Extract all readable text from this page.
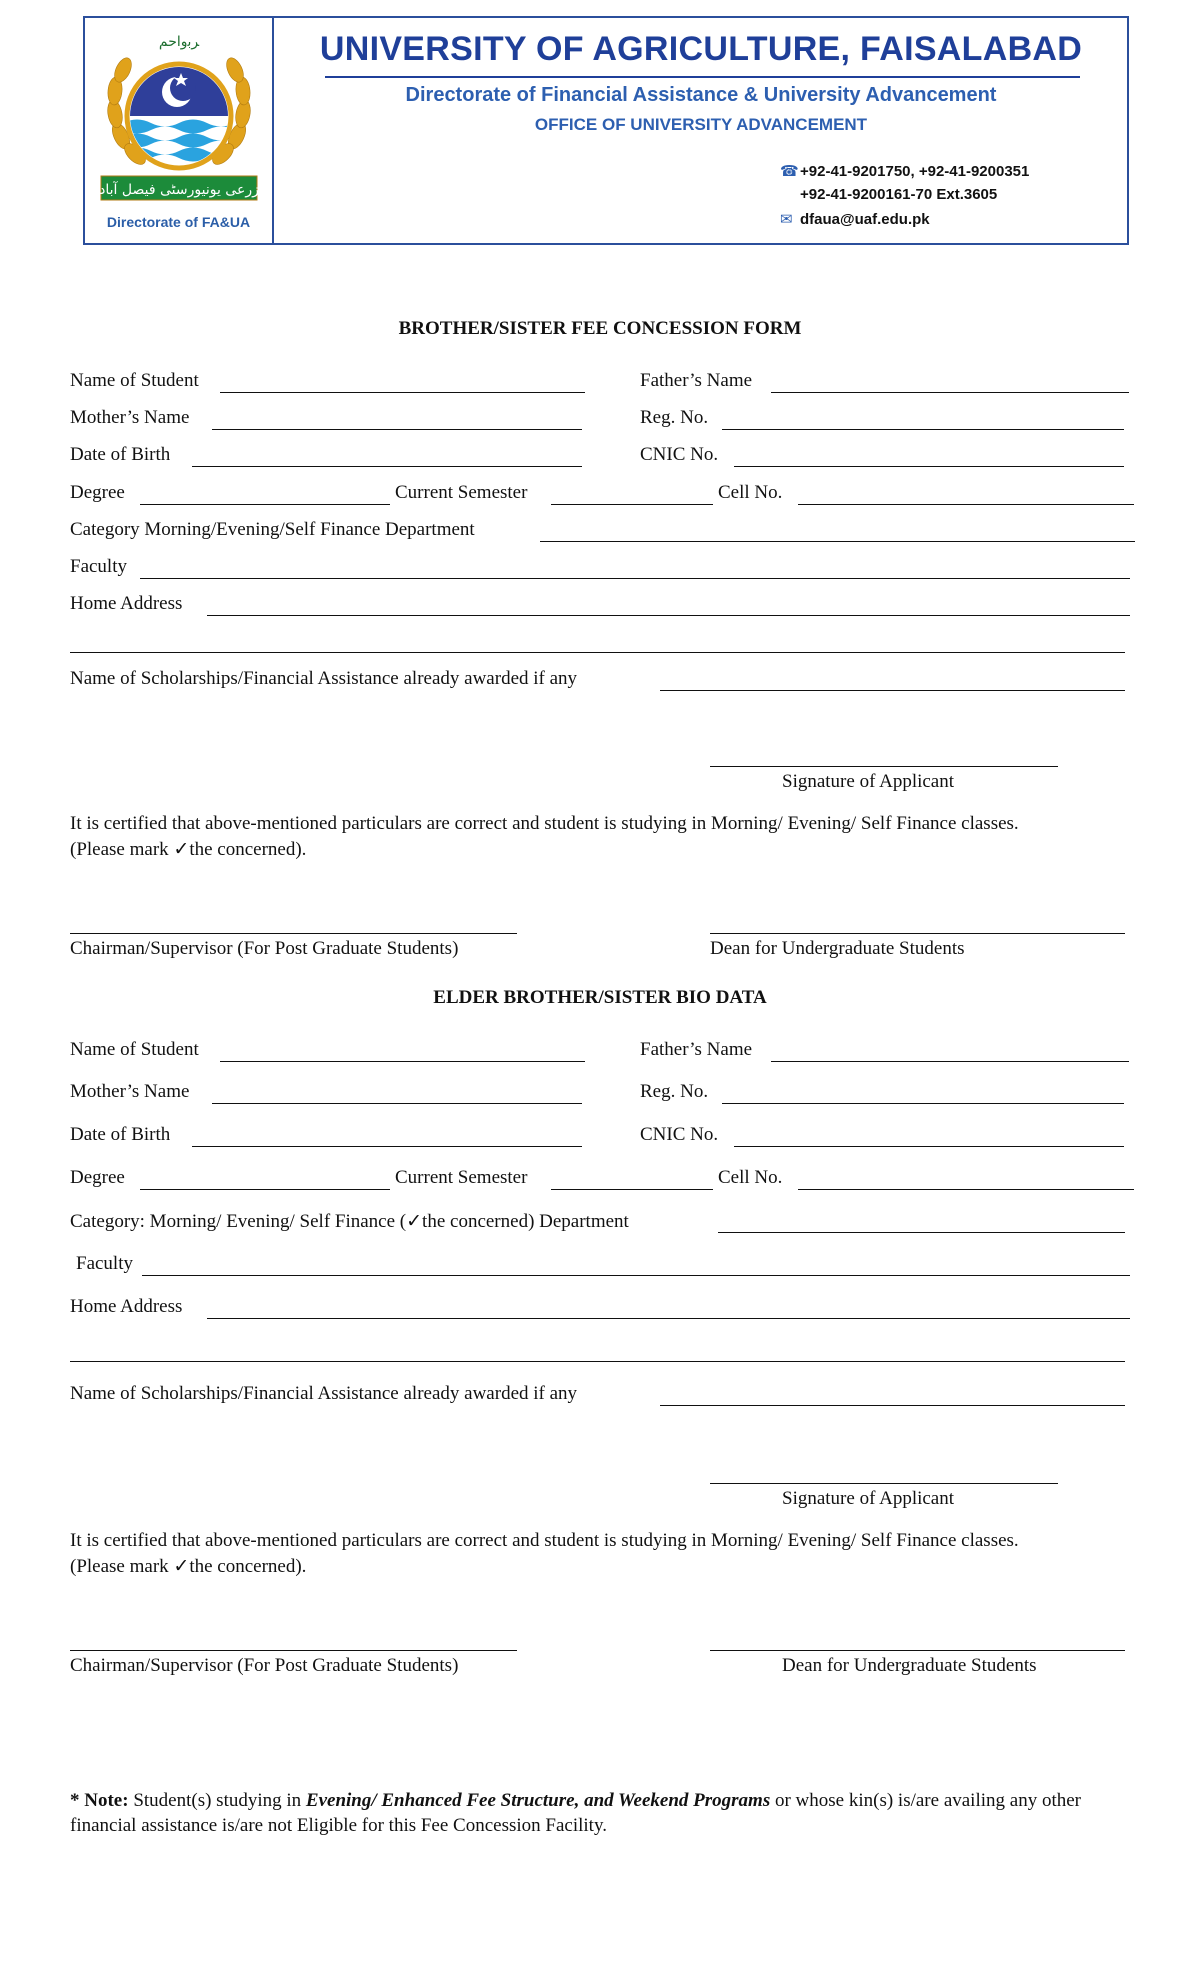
ﺮﺑﻭﺍﺣﻢ
ﺯﺭﻋﯽ ﯾﻮﻧﯿﻮﺭﺳﭩﯽ ﻓﯿﺼﻞ ﺁﺑﺎﺩ
Directorate of FA&UA
UNIVERSITY OF AGRICULTURE, FAISALABAD
Directorate of Financial Assistance & University Advancement
OFFICE OF UNIVERSITY ADVANCEMENT
☎+92-41-9201750, +92-41-9200351
+92-41-9200161-70 Ext.3605
✉ dfaua@uaf.edu.pk
BROTHER/SISTER FEE CONCESSION FORM
Name of Student	Father’s Name
Mother’s Name	Reg. No.
Date of Birth	CNIC No.
Degree	Current Semester	Cell No.
Category Morning/Evening/Self Finance Department
Faculty
Home Address
Name of Scholarships/Financial Assistance already awarded if any
Signature of Applicant
It is certified that above-mentioned particulars are correct and student is studying in Morning/ Evening/ Self Finance classes.
(Please mark ✓the concerned).
Chairman/Supervisor (For Post Graduate Students)	Dean for Undergraduate Students
ELDER BROTHER/SISTER BIO DATA
Name of Student	Father’s Name
Mother’s Name	Reg. No.
Date of Birth	CNIC No.
Degree	Current Semester	Cell No.
Category: Morning/ Evening/ Self Finance (✓the concerned) Department
Faculty
Home Address
Name of Scholarships/Financial Assistance already awarded if any
Signature of Applicant
It is certified that above-mentioned particulars are correct and student is studying in Morning/ Evening/ Self Finance classes.
(Please mark ✓the concerned).
Chairman/Supervisor (For Post Graduate Students)	Dean for Undergraduate Students
* Note: Student(s) studying in Evening/ Enhanced Fee Structure, and Weekend Programs or whose kin(s) is/are availing any other financial assistance is/are not Eligible for this Fee Concession Facility.
